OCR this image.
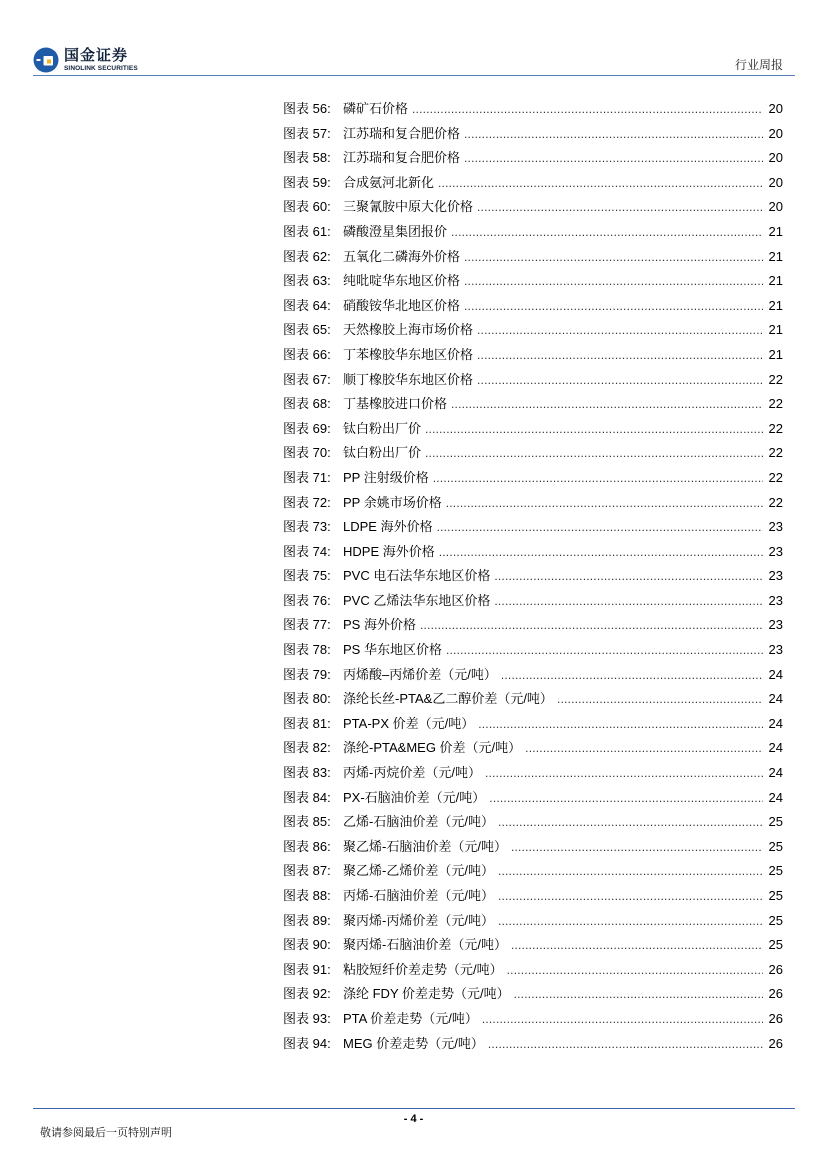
国金证券
SINOLINK SECURITIES	行业周报
图表 56: 磷矿石价格 .....	20
图表 57: 江苏瑞和复合肥价格 .....	20
图表 58: 江苏瑞和复合肥价格 .....	20
图表 59: 合成氨河北新化 .....	20
图表 60: 三聚氰胺中原大化价格 .....	20
图表 61: 磷酸澄星集团报价 .....	21
图表 62: 五氧化二磷海外价格 .....	21
图表 63: 纯吡啶华东地区价格 .....	21
图表 64: 硝酸铵华北地区价格 .....	21
图表 65: 天然橡胶上海市场价格 .....	21
图表 66: 丁苯橡胶华东地区价格 .....	21
图表 67: 顺丁橡胶华东地区价格 .....	22
图表 68: 丁基橡胶进口价格 .....	22
图表 69: 钛白粉出厂价 .....	22
图表 70: 钛白粉出厂价 .....	22
图表 71: PP 注射级价格 .....	22
图表 72: PP 余姚市场价格 .....	22
图表 73: LDPE 海外价格 .....	23
图表 74: HDPE 海外价格 .....	23
图表 75: PVC 电石法华东地区价格 .....	23
图表 76: PVC 乙烯法华东地区价格 .....	23
图表 77: PS 海外价格 .....	23
图表 78: PS 华东地区价格 .....	23
图表 79: 丙烯酸–丙烯价差（元/吨） .....	24
图表 80: 涤纶长丝-PTA&乙二醇价差（元/吨） .....	24
图表 81: PTA-PX 价差（元/吨） .....	24
图表 82: 涤纶-PTA&MEG 价差（元/吨） .....	24
图表 83: 丙烯-丙烷价差（元/吨） .....	24
图表 84: PX-石脑油价差（元/吨） .....	24
图表 85: 乙烯-石脑油价差（元/吨） .....	25
图表 86: 聚乙烯-石脑油价差（元/吨） .....	25
图表 87: 聚乙烯-乙烯价差（元/吨） .....	25
图表 88: 丙烯-石脑油价差（元/吨） .....	25
图表 89: 聚丙烯-丙烯价差（元/吨） .....	25
图表 90: 聚丙烯-石脑油价差（元/吨） .....	25
图表 91: 粘胶短纤价差走势（元/吨） .....	26
图表 92: 涤纶 FDY 价差走势（元/吨） .....	26
图表 93: PTA 价差走势（元/吨） .....	26
图表 94: MEG 价差走势（元/吨） .....	26
- 4 -
敬请参阅最后一页特别声明
